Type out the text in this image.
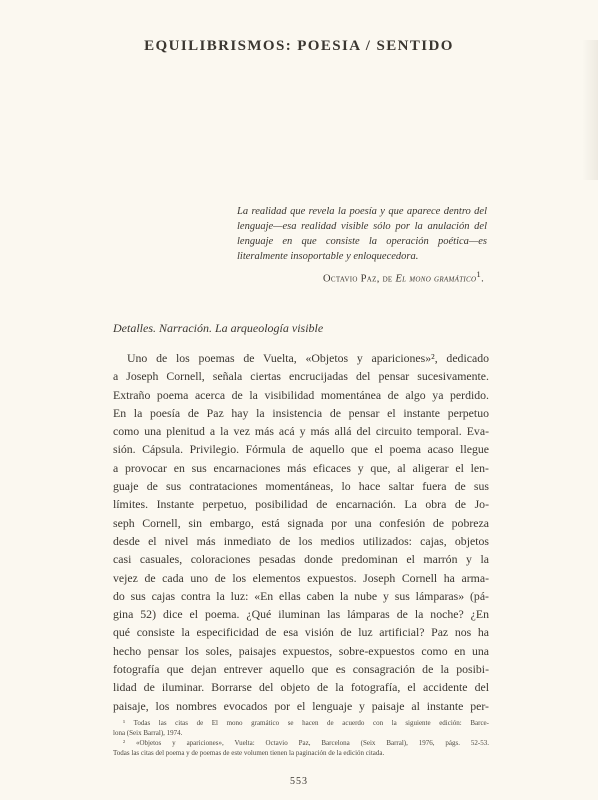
EQUILIBRISMOS: POESIA / SENTIDO
La realidad que revela la poesía y que aparece dentro del lenguaje—esa realidad visible sólo por la anulación del lenguaje en que consiste la operación poética—es literalmente insoportable y enloquecedora.
Octavio Paz, de El mono gramático$^1$.
Detalles. Narración. La arqueología visible
Uno de los poemas de Vuelta, «Objetos y apariciones»², dedicado
a Joseph Cornell, señala ciertas encrucijadas del pensar sucesivamente.
Extraño poema acerca de la visibilidad momentánea de algo ya perdido.
En la poesía de Paz hay la insistencia de pensar el instante perpetuo
como una plenitud a la vez más acá y más allá del circuito temporal. Eva-
sión. Cápsula. Privilegio. Fórmula de aquello que el poema acaso llegue
a provocar en sus encarnaciones más eficaces y que, al aligerar el len-
guaje de sus contrataciones momentáneas, lo hace saltar fuera de sus
límites. Instante perpetuo, posibilidad de encarnación. La obra de Jo-
seph Cornell, sin embargo, está signada por una confesión de pobreza
desde el nivel más inmediato de los medios utilizados: cajas, objetos
casi casuales, coloraciones pesadas donde predominan el marrón y la
vejez de cada uno de los elementos expuestos. Joseph Cornell ha arma-
do sus cajas contra la luz: «En ellas caben la nube y sus lámparas» (pá-
gina 52) dice el poema. ¿Qué iluminan las lámparas de la noche? ¿En
qué consiste la especificidad de esa visión de luz artificial? Paz nos ha
hecho pensar los soles, paisajes expuestos, sobre-expuestos como en una
fotografía que dejan entrever aquello que es consagración de la posibi-
lidad de iluminar. Borrarse del objeto de la fotografía, el accidente del
paisaje, los nombres evocados por el lenguaje y paisaje al instante per-
¹ Todas las citas de El mono gramático se hacen de acuerdo con la siguiente edición: Barce-
lona (Seix Barral), 1974.
² «Objetos y apariciones», Vuelta: Octavio Paz, Barcelona (Seix Barral), 1976, págs. 52-53.
Todas las citas del poema y de poemas de este volumen tienen la paginación de la edición citada.
553
